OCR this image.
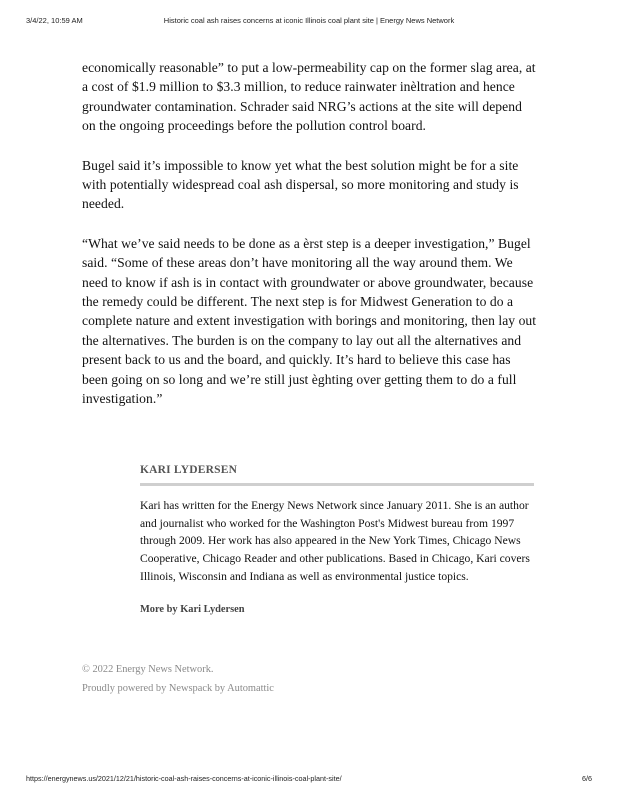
3/4/22, 10:59 AM	Historic coal ash raises concerns at iconic Illinois coal plant site | Energy News Network

economically reasonable” to put a low-permeability cap on the former slag area, at a cost of $1.9 million to $3.3 million, to reduce rainwater inèltration and hence groundwater contamination. Schrader said NRG’s actions at the site will depend on the ongoing proceedings before the pollution control board.

Bugel said it’s impossible to know yet what the best solution might be for a site with potentially widespread coal ash dispersal, so more monitoring and study is needed.

“What we’ve said needs to be done as a èrst step is a deeper investigation,” Bugel said. “Some of these areas don’t have monitoring all the way around them. We need to know if ash is in contact with groundwater or above groundwater, because the remedy could be different. The next step is for Midwest Generation to do a complete nature and extent investigation with borings and monitoring, then lay out the alternatives. The burden is on the company to lay out all the alternatives and present back to us and the board, and quickly. It’s hard to believe this case has been going on so long and we’re still just èghting over getting them to do a full investigation.”

KARI LYDERSEN
Kari has written for the Energy News Network since January 2011. She is an author and journalist who worked for the Washington Post's Midwest bureau from 1997 through 2009. Her work has also appeared in the New York Times, Chicago News Cooperative, Chicago Reader and other publications. Based in Chicago, Kari covers Illinois, Wisconsin and Indiana as well as environmental justice topics.
More by Kari Lydersen
© 2022 Energy News Network.
Proudly powered by Newspack by Automattic
https://energynews.us/2021/12/21/historic-coal-ash-raises-concerns-at-iconic-illinois-coal-plant-site/	6/6
